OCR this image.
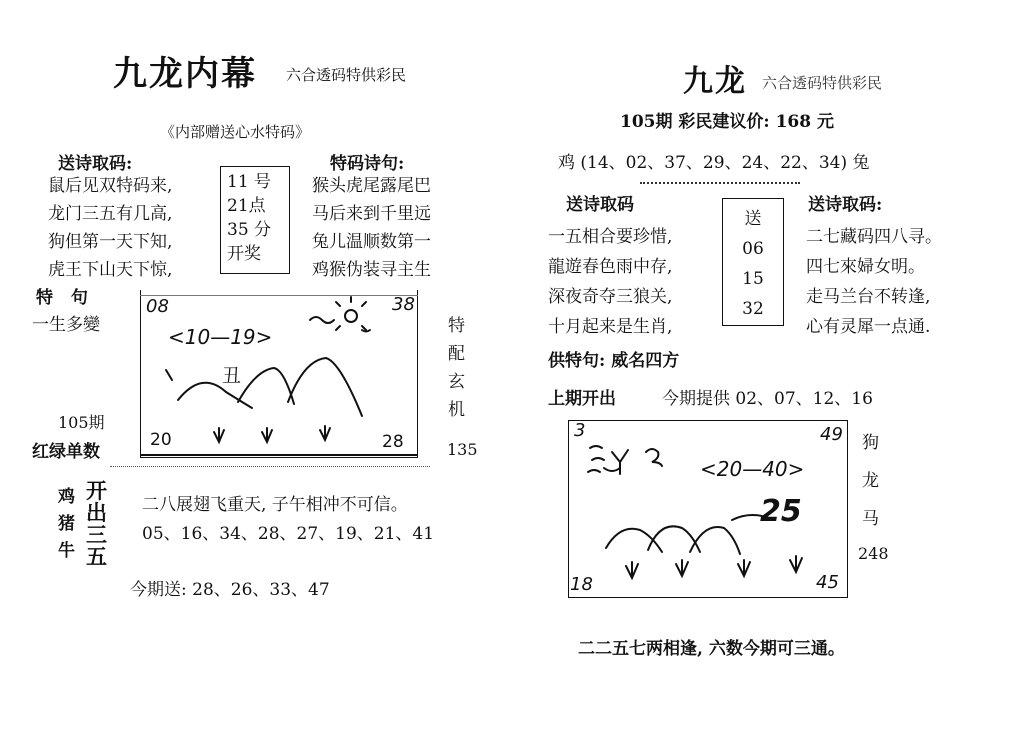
九龙内幕 六合透码特供彩民
《内部赠送心水特码》
送诗取码:	特码诗句:
鼠后见双特码来,
龙门三五有几高,
狗但第一天下知,
虎王下山天下惊,
11 号
21点
35 分
开奖
猴头虎尾露尾巴
马后来到千里远
兔儿温顺数第一
鸡猴伪装寻主生
特 句
一生多變
105期
红绿单数
特
配
玄
机
135
08	38
<10—19>
丑
20	28
鸡
猪
牛
开
出
三
五
二八展翅飞重天, 子午相冲不可信。
05、16、34、28、27、19、21、41
今期送: 28、26、33、47
九龙 六合透码特供彩民
105期 彩民建议价: 168 元
鸡 (14、02、37、29、24、22、34) 兔
送诗取码	送诗取码:
一五相合要珍惜,
龍遊春色雨中存,
深夜奇夺三狼关,
十月起来是生肖,
送
06
15
32
二七藏码四八寻。
四七來婦女明。
走马兰台不转逢,
心有灵犀一点通.
供特句: 威名四方
上期开出	今期提供 02、07、12、16
狗
龙
马
248
3	49
<20—40>
25
18	45
二二五七两相逢, 六数今期可三通。
